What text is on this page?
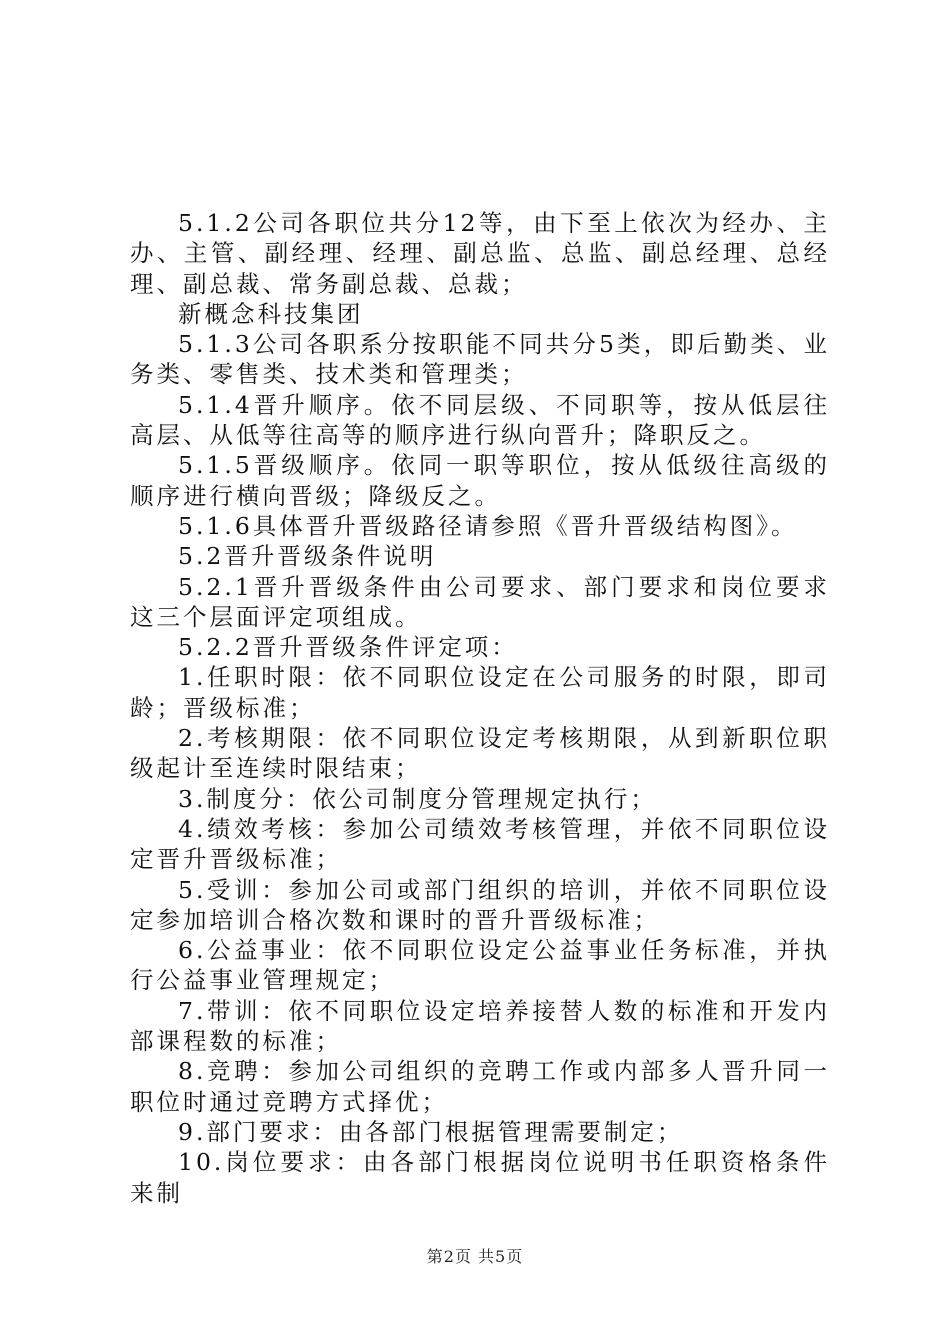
5.1.2公司各职位共分12等，由下至上依次为经办、主办、主管、副经理、经理、副总监、总监、副总经理、总经理、副总裁、常务副总裁、总裁；

新概念科技集团

5.1.3公司各职系分按职能不同共分5类，即后勤类、业务类、零售类、技术类和管理类；

5.1.4晋升顺序。依不同层级、不同职等，按从低层往高层、从低等往高等的顺序进行纵向晋升；降职反之。

5.1.5晋级顺序。依同一职等职位，按从低级往高级的顺序进行横向晋级；降级反之。

5.1.6具体晋升晋级路径请参照《晋升晋级结构图》。

5.2晋升晋级条件说明

5.2.1晋升晋级条件由公司要求、部门要求和岗位要求这三个层面评定项组成。

5.2.2晋升晋级条件评定项：

1.任职时限：依不同职位设定在公司服务的时限，即司龄；晋级标准；

2.考核期限：依不同职位设定考核期限，从到新职位职级起计至连续时限结束；

3.制度分：依公司制度分管理规定执行；

4.绩效考核：参加公司绩效考核管理，并依不同职位设定晋升晋级标准；

5.受训：参加公司或部门组织的培训，并依不同职位设定参加培训合格次数和课时的晋升晋级标准；

6.公益事业：依不同职位设定公益事业任务标准，并执行公益事业管理规定；

7.带训：依不同职位设定培养接替人数的标准和开发内部课程数的标准；

8.竞聘：参加公司组织的竞聘工作或内部多人晋升同一职位时通过竞聘方式择优；

9.部门要求：由各部门根据管理需要制定；

10.岗位要求：由各部门根据岗位说明书任职资格条件来制

第2页 共5页
